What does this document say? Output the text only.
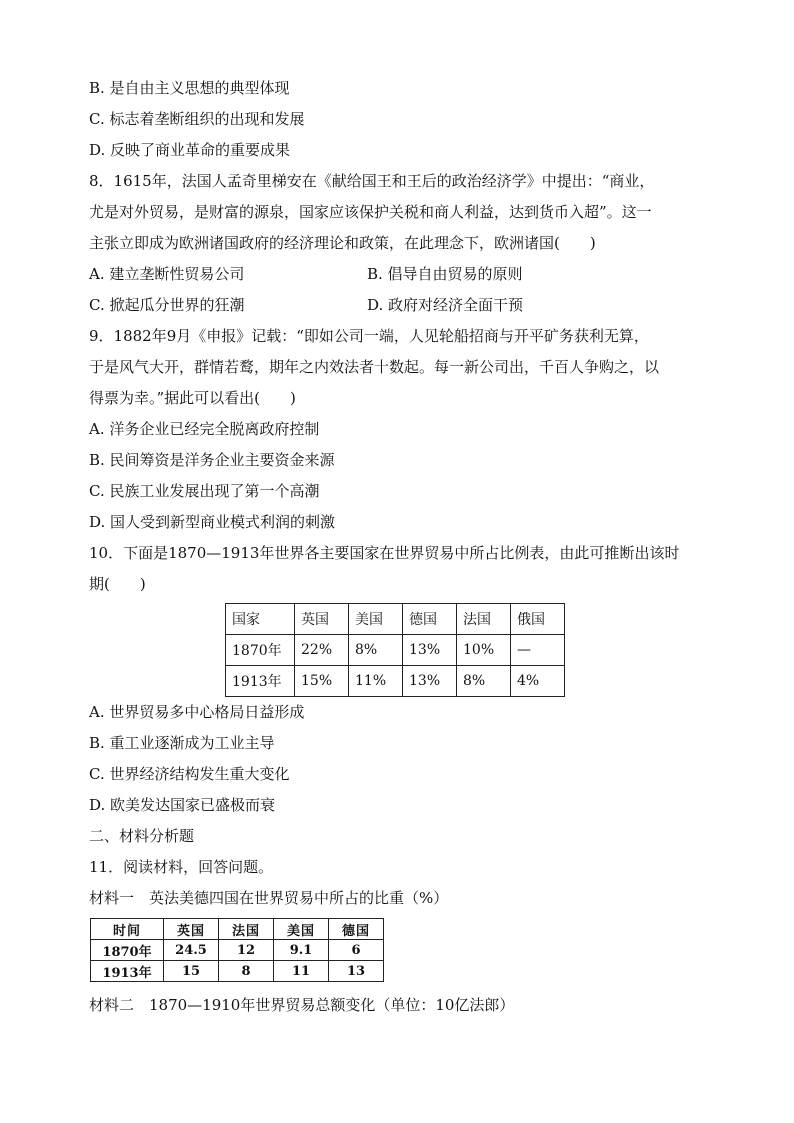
B. 是自由主义思想的典型体现
C. 标志着垄断组织的出现和发展
D. 反映了商业革命的重要成果
8．1615年，法国人孟奇里梯安在《献给国王和王后的政治经济学》中提出：“商业，
尤是对外贸易，是财富的源泉，国家应该保护关税和商人利益，达到货币入超”。这一
主张立即成为欧洲诸国政府的经济理论和政策，在此理念下，欧洲诸国(　　)
A. 建立垄断性贸易公司	B. 倡导自由贸易的原则
C. 掀起瓜分世界的狂潮	D. 政府对经济全面干预
9．1882年9月《申报》记载：“即如公司一端，人见轮船招商与开平矿务获利无算，
于是风气大开，群情若鹜，期年之内效法者十数起。每一新公司出，千百人争购之，以
得票为幸。”据此可以看出(　　)
A. 洋务企业已经完全脱离政府控制
B. 民间筹资是洋务企业主要资金来源
C. 民族工业发展出现了第一个高潮
D. 国人受到新型商业模式利润的刺激
10．下面是1870—1913年世界各主要国家在世界贸易中所占比例表，由此可推断出该时
期(　　)
国家	英国	美国	德国	法国	俄国
1870年	22%	8%	13%	10%	—
1913年	15%	11%	13%	8%	4%
A. 世界贸易多中心格局日益形成
B. 重工业逐渐成为工业主导
C. 世界经济结构发生重大变化
D. 欧美发达国家已盛极而衰
二、材料分析题
11．阅读材料，回答问题。
材料一　英法美德四国在世界贸易中所占的比重（%）
时间	英国	法国	美国	德国
1870年	24.5	12	9.1	6
1913年	15	8	11	13
材料二　1870—1910年世界贸易总额变化（单位：10亿法郎）
